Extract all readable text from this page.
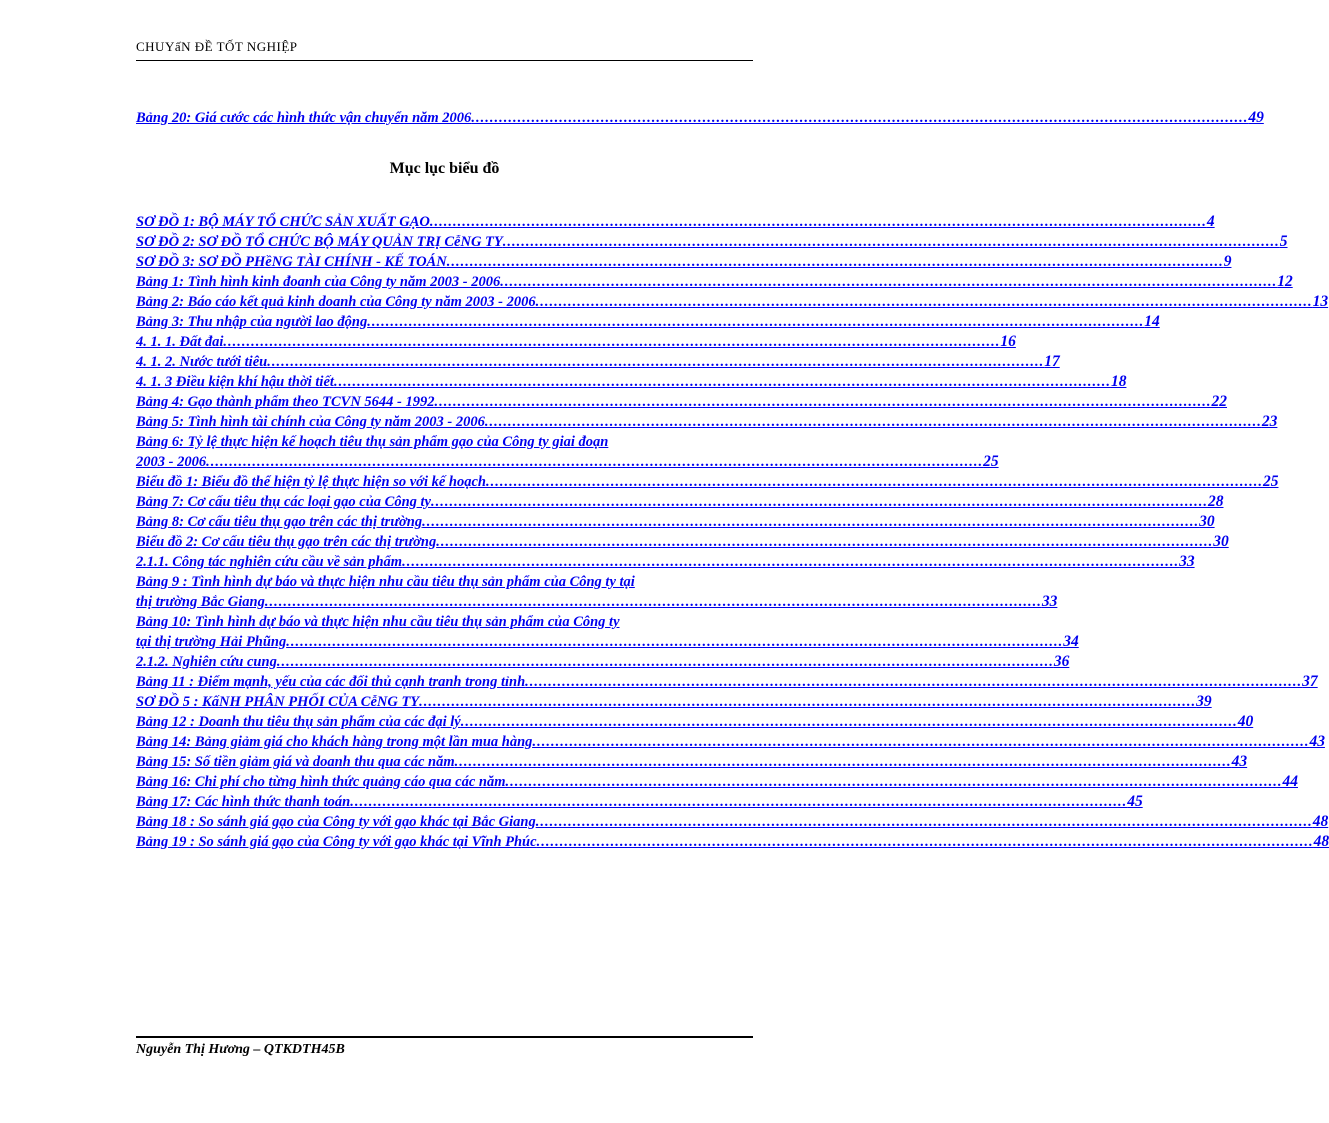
CHUYấN ĐỀ TỐT NGHIỆP
Bảng 20: Giá cước các hình thức vận chuyển năm 2006 .....	49
Mục lục biểu đồ
SƠ ĐỒ 1: BỘ MÁY TỔ CHỨC SẢN XUẤT GẠO .....	4
SƠ ĐỒ 2: SƠ ĐỒ TỔ CHỨC BỘ MÁY QUẢN TRỊ CễNG TY .....	5
SƠ ĐỒ 3: SƠ ĐỒ PHềNG TÀI CHÍNH - KẾ TOÁN .....	9
Bảng 1: Tình hình kinh đoanh của Công ty năm 2003 - 2006 .....	12
Bảng 2: Báo cáo kết quả kinh doanh của Công ty năm 2003 - 2006 .....	13
Bảng 3: Thu nhập của người lao động .....	14
4. 1. 1. Đất đai .....	16
4. 1. 2. Nước tưới tiêu .....	17
4. 1. 3 Điều kiện khí hậu thời tiết .....	18
Bảng 4: Gạo thành phẩm theo TCVN 5644 - 1992 .....	22
Bảng 5: Tình hình tài chính của Công ty năm 2003 - 2006 .....	23
Bảng 6: Tỷ lệ thực hiện kế hoạch tiêu thụ sản phẩm gạo của Công ty giai đoạn
2003 - 2006 .....	25
Biểu đồ 1: Biểu đồ thể hiện tỷ lệ thực hiện so với kế hoạch .....	25
Bảng 7: Cơ cấu tiêu thụ các loại gạo của Công ty .....	28
Bảng 8: Cơ cấu tiêu thụ gạo trên các thị trường .....	30
Biểu đồ 2: Cơ cấu tiêu thụ gạo trên các thị trường .....	30
2.1.1. Công tác nghiên cứu cầu về sản phẩm .....	33
Bảng 9 : Tình hình dự báo và thực hiện nhu cầu tiêu thụ sản phẩm của Công ty tại
thị trường Bắc Giang .....	33
Bảng 10: Tình hình dự báo và thực hiện nhu cầu tiêu thụ sản phẩm của Công ty
tại thị trường Hải Phũng .....	34
2.1.2. Nghiên cứu cung .....	36
Bảng 11 : Điểm mạnh, yếu của các đối thủ cạnh tranh trong tỉnh .....	37
SƠ ĐỒ 5 : KấNH PHÂN PHỐI CỦA CễNG TY .....	39
Bảng 12 : Doanh thu tiêu thụ sản phẩm của các đại lý .....	40
Bảng 14: Bảng giảm giá cho khách hàng trong một lần mua hàng .....	43
Bảng 15: Số tiền giảm giá và doanh thu qua các năm .....	43
Bảng 16: Chi phí cho từng hình thức quảng cáo qua các năm .....	44
Bảng 17: Các hình thức thanh toán .....	45
Bảng 18 : So sánh giá gạo của Công ty với gạo khác tại Bắc Giang .....	48
Bảng 19 : So sánh giá gạo của Công ty với gạo khác tại Vĩnh Phúc .....	48
Nguyễn Thị Hương – QTKDTH45B
